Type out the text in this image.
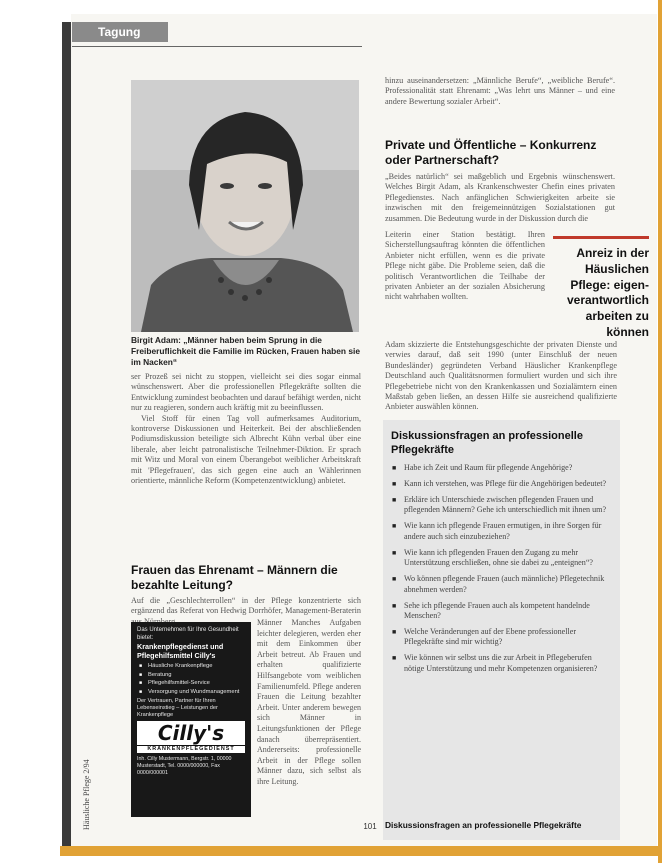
Tagung
Birgit Adam: „Männer haben beim Sprung in die Freiberuflichkeit die Familie im Rücken, Frauen haben sie im Nacken“

ser Prozeß sei nicht zu stoppen, vielleicht sei dies sogar einmal wünschenswert. Aber die professionellen Pflegekräfte sollten die Entwicklung zumindest beobachten und darauf befähigt werden, nicht nur zu reagieren, sondern auch kräftig mit zu beeinflussen.

Viel Stoff für einen Tag voll aufmerksames Auditorium, kontroverse Diskussionen und Heiterkeit. Bei der abschließenden Podiumsdiskussion beteiligte sich Albrecht Kühn verbal über eine liberale, aber leicht patronalistische Teilnehmer-Diktion. Er sprach mit Witz und Moral von einem Überangebot weiblicher Arbeitskraft mit 'Pflegefrauen', das sich gegen eine auch an Wählerinnen orientierte, männliche Reform (Kompetenzentwicklung) anbietet.

Frauen das Ehrenamt – Männern die bezahlte Leitung?
Auf die „Geschlechterrollen“ in der Pflege konzentrierte sich ergänzend das Referat von Hedwig Dorrhöfer, Management-Beraterin
Männer Manches Aufgaben leichter delegieren, werden eher mit dem Einkommen über Arbeit betreut. Ab Frauen und erhalten qualifizierte Hilfsangebote vom weiblichen Familienumfeld. Pflege anderen Frauen die Leitung bezahlter Arbeit. Unter anderem bewegen sich Männer in Leitungsfunktionen der Pflege danach überrepräsentiert. Andererseits: professionelle Arbeit in der Pflege sollen Männer dazu, sich selbst als ihre Leitung.
Das Unternehmen für Ihre Gesundheit bietet:
Krankenpflegedienst und Pflegehilfsmittel Cilly's
■ Häusliche Krankenpflege
■ Beratung
■ Pflegehilfsmittel-Service
■ Versorgung und Wundmanagement
Der Vertrauen, Partner für Ihren Lebenseinstieg – Leistungen der Krankenpflege
Cilly's
KRANKENPFLEGEDIENST
Inh. Cilly Mustermann, Bergstr. 1, 00000 Musterstadt, Tel. 0000/000000, Fax 0000/000001
Häusliche Pflege 2/94
hinzu auseinandersetzen: „Männliche Berufe“, „weibliche Berufe“. Professionalität statt Ehrenamt: „Was lehrt uns Männer – und eine andere Bewertung sozialer Arbeit“.
Private und Öffentliche – Konkurrenz oder Partnerschaft?
„Beides natürlich“ sei maßgeblich und Ergebnis wünschenswert. Welches Birgit Adam, als Krankenschwester Chefin eines privaten Pflegedienstes. Nach anfänglichen Schwierigkeiten arbeite sie inzwischen mit den freigemeinnützigen Sozialstationen gut zusammen. Die Bedeutung wurde in der Diskussion durch die
Leiterin einer Station bestätigt. Ihren Sicherstellungsauftrag könnten die öffentlichen Anbieter nicht erfüllen, wenn es die private Pflege nicht gäbe. Die Probleme seien, daß die politisch Verantwortlichen die Teilhabe der privaten Anbieter an der sozialen Absicherung nicht wahrhaben wollten.
Adam skizzierte die Entstehungsgeschichte der privaten Dienste und verwies darauf, daß seit 1990 (unter Einschluß der neuen Bundesländer) gegründeten Verband Häuslicher Krankenpflege Deutschland auch Qualitätsnormen formuliert wurden und sich ihre Pflegebetriebe nicht von den Krankenkassen und Sozialämtern einen Maßstab geben ließen, an dessen Hilfe sie ausreichend qualifizierte Anbieter auswählen können.
Anreiz in der
Häuslichen
Pflege: eigen-
verantwortlich
arbeiten zu
können
Diskussionsfragen an professionelle Pflegekräfte
■ Habe ich Zeit und Raum für pflegende Angehörige?
■ Kann ich verstehen, was Pflege für die Angehörigen bedeutet?
■ Erkläre ich Unterschiede zwischen pflegenden Frauen und pflegenden Männern? Gehe ich unterschiedlich mit ihnen um?
■ Wie kann ich pflegende Frauen ermutigen, in ihre Sorgen für andere auch sich einzubeziehen?
■ Wie kann ich pflegenden Frauen den Zugang zu mehr Unterstützung erschließen, ohne sie dabei zu „enteignen“?
■ Wo können pflegende Frauen (auch männliche) Pflegetechnik abnehmen werden?
■ Sehe ich pflegende Frauen auch als kompetent handelnde Menschen?
■ Welche Veränderungen auf der Ebene professioneller Pflegekräfte sind mir wichtig?
■ Wie können wir selbst uns die zur Arbeit in Pflegeberufen nötige Unterstützung und mehr Kompetenzen organisieren?
Diskussionsfragen an professionelle Pflegekräfte
101
